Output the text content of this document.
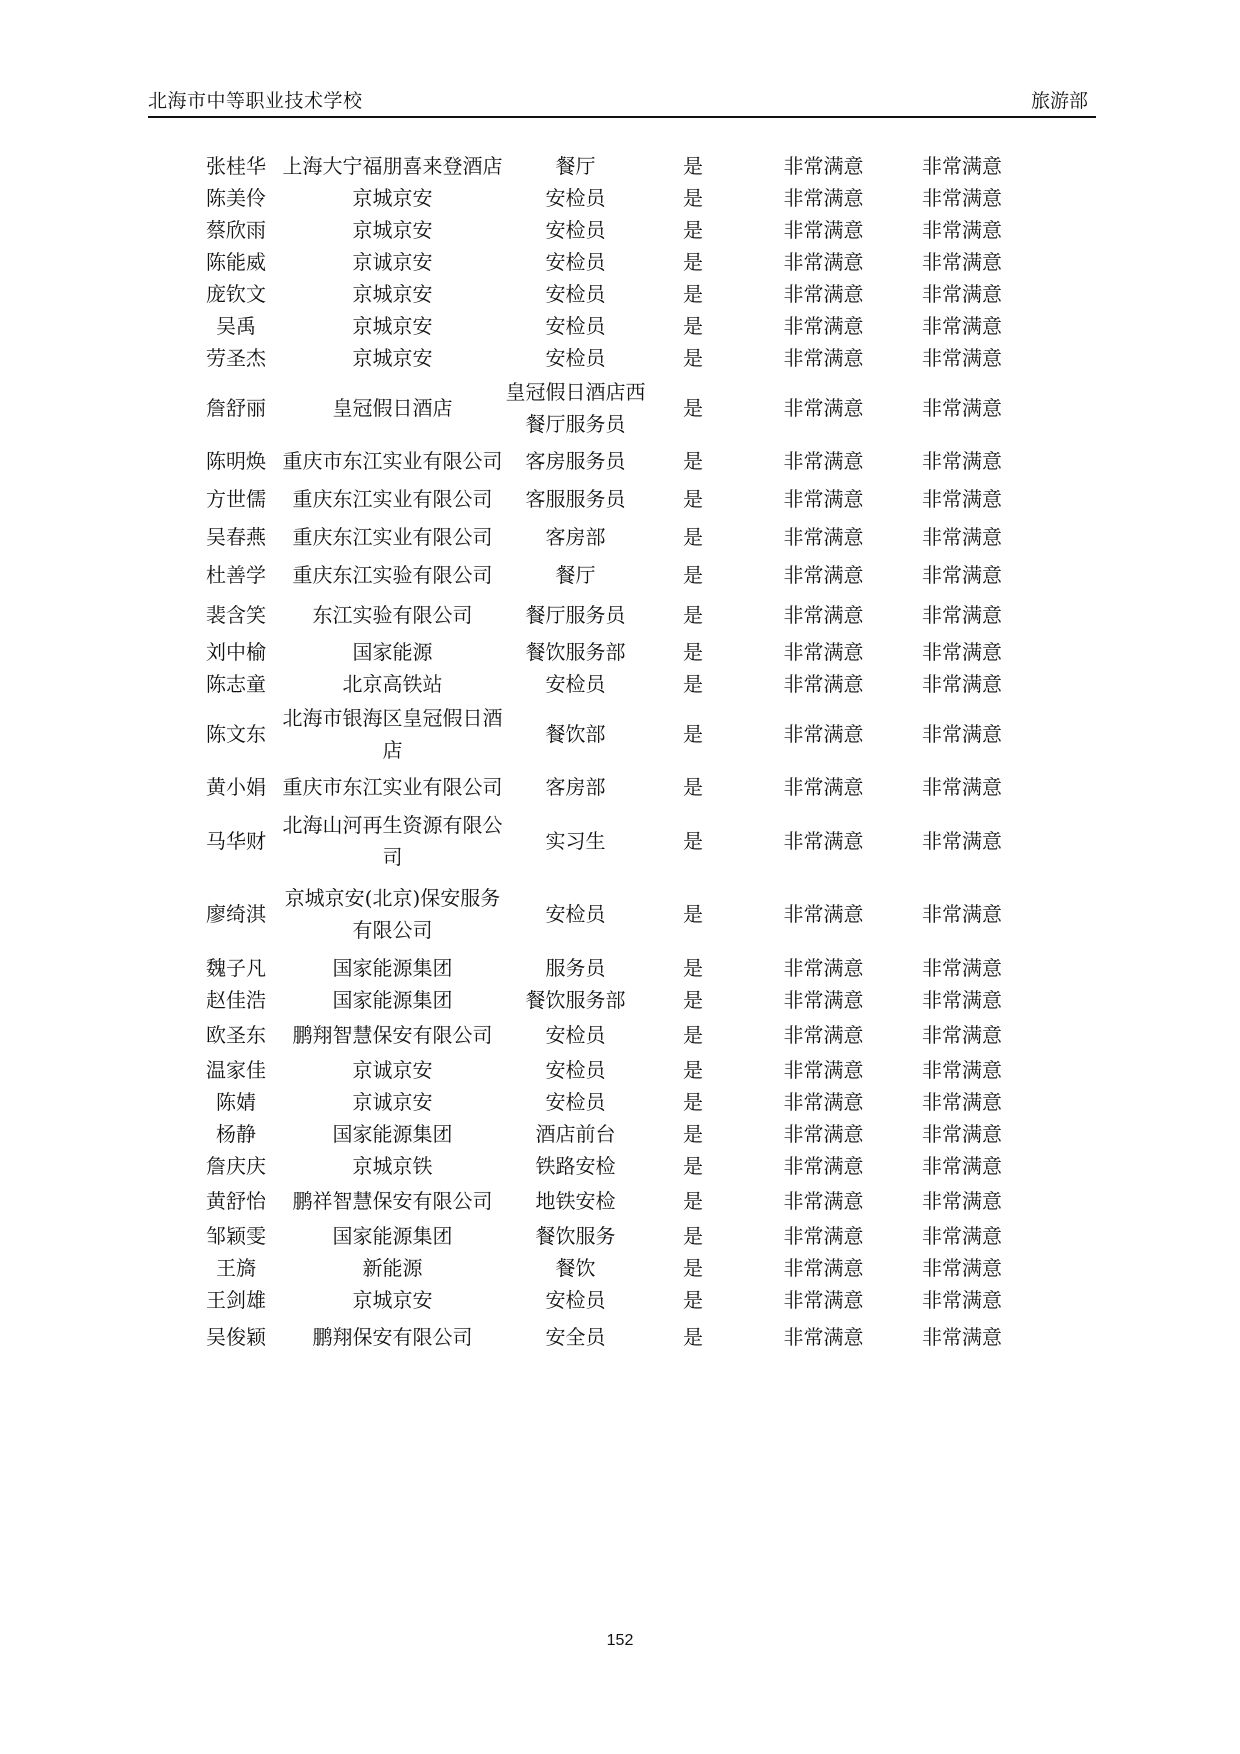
北海市中等职业技术学校	旅游部
张桂华	上海大宁福朋喜来登酒店	餐厅	是	非常满意	非常满意
陈美伶	京城京安	安检员	是	非常满意	非常满意
蔡欣雨	京城京安	安检员	是	非常满意	非常满意
陈能威	京诚京安	安检员	是	非常满意	非常满意
庞钦文	京城京安	安检员	是	非常满意	非常满意
吴禹	京城京安	安检员	是	非常满意	非常满意
劳圣杰	京城京安	安检员	是	非常满意	非常满意
詹舒丽	皇冠假日酒店	皇冠假日酒店西餐厅服务员	是	非常满意	非常满意
陈明焕	重庆市东江实业有限公司	客房服务员	是	非常满意	非常满意
方世儒	重庆东江实业有限公司	客服服务员	是	非常满意	非常满意
吴春燕	重庆东江实业有限公司	客房部	是	非常满意	非常满意
杜善学	重庆东江实验有限公司	餐厅	是	非常满意	非常满意
裴含笑	东江实验有限公司	餐厅服务员	是	非常满意	非常满意
刘中榆	国家能源	餐饮服务部	是	非常满意	非常满意
陈志童	北京高铁站	安检员	是	非常满意	非常满意
陈文东	北海市银海区皇冠假日酒店	餐饮部	是	非常满意	非常满意
黄小娟	重庆市东江实业有限公司	客房部	是	非常满意	非常满意
马华财	北海山河再生资源有限公司	实习生	是	非常满意	非常满意
廖绮淇	京城京安(北京)保安服务有限公司	安检员	是	非常满意	非常满意
魏子凡	国家能源集团	服务员	是	非常满意	非常满意
赵佳浩	国家能源集团	餐饮服务部	是	非常满意	非常满意
欧圣东	鹏翔智慧保安有限公司	安检员	是	非常满意	非常满意
温家佳	京诚京安	安检员	是	非常满意	非常满意
陈婧	京诚京安	安检员	是	非常满意	非常满意
杨静	国家能源集团	酒店前台	是	非常满意	非常满意
詹庆庆	京城京铁	铁路安检	是	非常满意	非常满意
黄舒怡	鹏祥智慧保安有限公司	地铁安检	是	非常满意	非常满意
邹颖雯	国家能源集团	餐饮服务	是	非常满意	非常满意
王旖	新能源	餐饮	是	非常满意	非常满意
王剑雄	京城京安	安检员	是	非常满意	非常满意
吴俊颖	鹏翔保安有限公司	安全员	是	非常满意	非常满意
152
